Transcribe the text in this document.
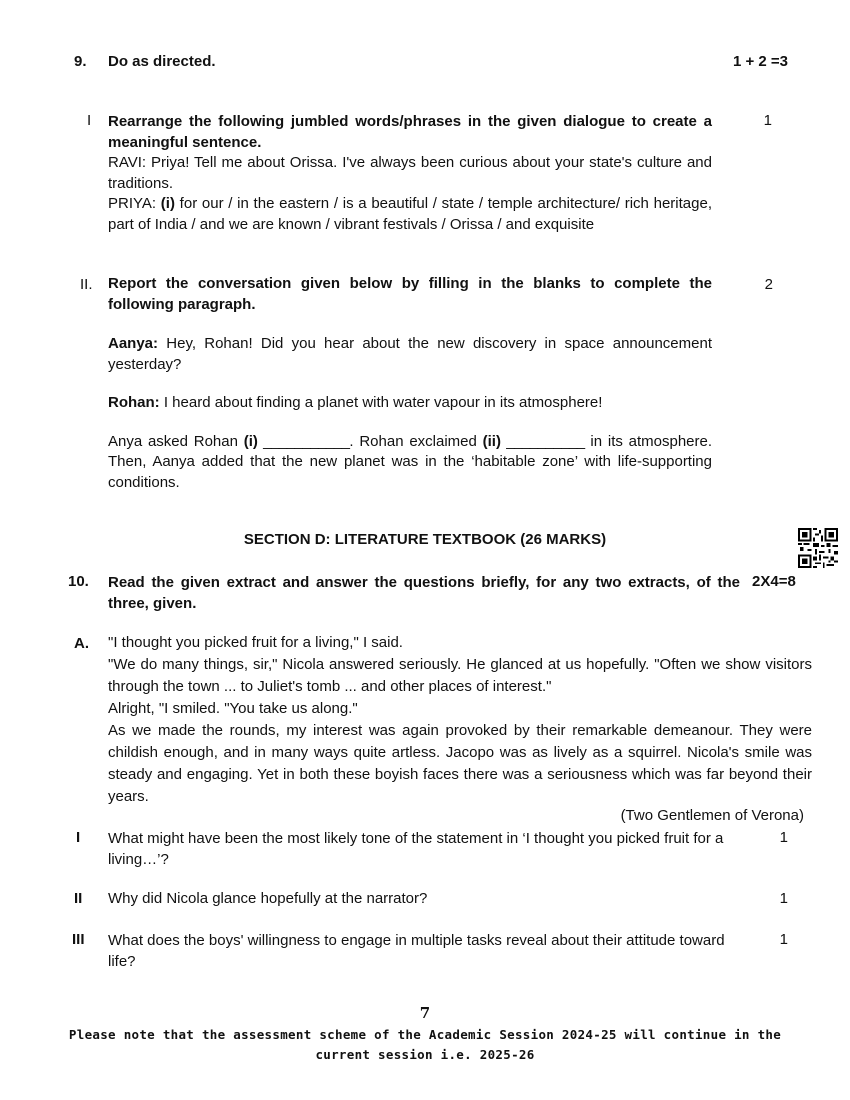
9. Do as directed.	1 + 2 =3
I Rearrange the following jumbled words/phrases in the given dialogue to create a meaningful sentence.

RAVI: Priya! Tell me about Orissa. I've always been curious about your state's culture and traditions.

PRIYA: (i) for our / in the eastern / is a beautiful / state / temple architecture/ rich heritage, part of India / and we are known / vibrant festivals / Orissa / and exquisite

1
II. Report the conversation given below by filling in the blanks to complete the following paragraph.

Aanya: Hey, Rohan! Did you hear about the new discovery in space announcement yesterday?

Rohan: I heard about finding a planet with water vapour in its atmosphere!

Anya asked Rohan (i) ___________. Rohan exclaimed (ii) __________ in its atmosphere. Then, Aanya added that the new planet was in the ‘habitable zone’ with life-supporting conditions.

2
SECTION D: LITERATURE TEXTBOOK (26 MARKS)
10. Read the given extract and answer the questions briefly, for any two extracts, of the three, given.
2X4=8
A. "I thought you picked fruit for a living," I said.

"We do many things, sir," Nicola answered seriously. He glanced at us hopefully. "Often we show visitors through the town ... to Juliet's tomb ... and other places of interest."

Alright, "I smiled. "You take us along."

As we made the rounds, my interest was again provoked by their remarkable demeanour. They were childish enough, and in many ways quite artless. Jacopo was as lively as a squirrel. Nicola's smile was steady and engaging. Yet in both these boyish faces there was a seriousness which was far beyond their years.

(Two Gentlemen of Verona)
I What might have been the most likely tone of the statement in ‘I thought you picked fruit for a living…’?
1
II Why did Nicola glance hopefully at the narrator?	1
III What does the boys' willingness to engage in multiple tasks reveal about their attitude toward life?
1
7
Please note that the assessment scheme of the Academic Session 2024-25 will continue in the current session i.e. 2025-26
